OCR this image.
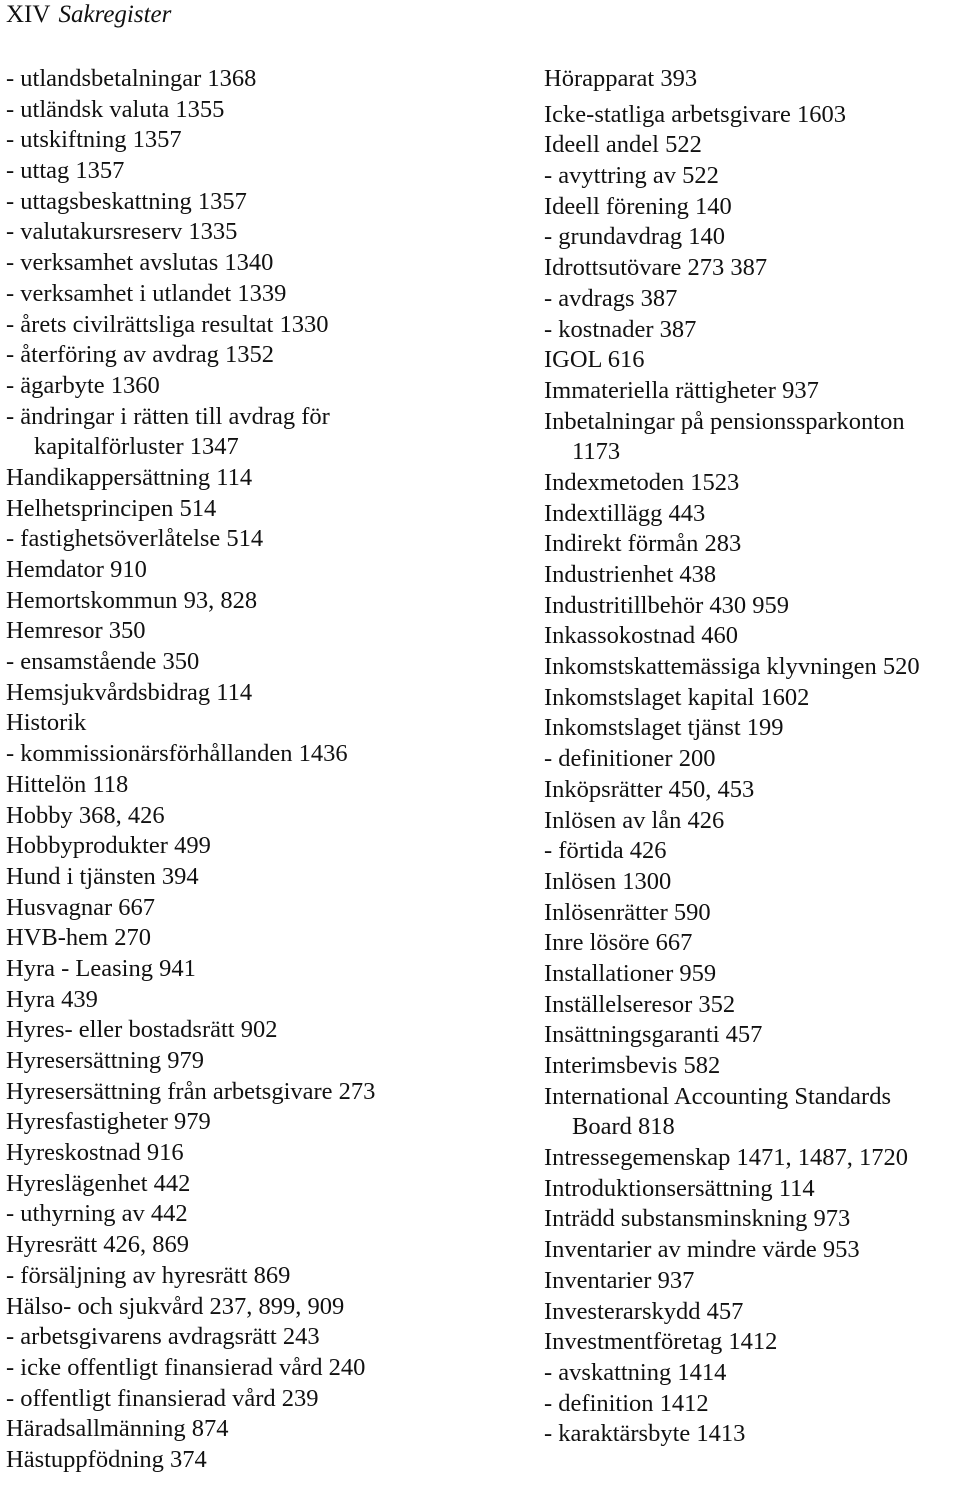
XIV Sakregister
- utlandsbetalningar 1368
- utländsk valuta 1355
- utskiftning 1357
- uttag 1357
- uttagsbeskattning 1357
- valutakursreserv 1335
- verksamhet avslutas 1340
- verksamhet i utlandet 1339
- årets civilrättsliga resultat 1330
- återföring av avdrag 1352
- ägarbyte 1360
- ändringar i rätten till avdrag för
kapitalförluster 1347
Handikappersättning 114
Helhetsprincipen 514
- fastighetsöverlåtelse 514
Hemdator 910
Hemortskommun 93, 828
Hemresor 350
- ensamstående 350
Hemsjukvårdsbidrag 114
Historik
- kommissionärsförhållanden 1436
Hittelön 118
Hobby 368, 426
Hobbyprodukter 499
Hund i tjänsten 394
Husvagnar 667
HVB-hem 270
Hyra - Leasing 941
Hyra 439
Hyres- eller bostadsrätt 902
Hyresersättning 979
Hyresersättning från arbetsgivare 273
Hyresfastigheter 979
Hyreskostnad 916
Hyreslägenhet 442
- uthyrning av 442
Hyresrätt 426, 869
- försäljning av hyresrätt 869
Hälso- och sjukvård 237, 899, 909
- arbetsgivarens avdragsrätt 243
- icke offentligt finansierad vård 240
- offentligt finansierad vård 239
Häradsallmänning 874
Hästuppfödning 374
Hörapparat 393
Icke-statliga arbetsgivare 1603
Ideell andel 522
- avyttring av 522
Ideell förening 140
- grundavdrag 140
Idrottsutövare 273 387
- avdrags 387
- kostnader 387
IGOL 616
Immateriella rättigheter 937
Inbetalningar på pensionssparkonton
1173
Indexmetoden 1523
Indextillägg 443
Indirekt förmån 283
Industrienhet 438
Industritillbehör 430 959
Inkassokostnad 460
Inkomstskattemässiga klyvningen 520
Inkomstslaget kapital 1602
Inkomstslaget tjänst 199
- definitioner 200
Inköpsrätter 450, 453
Inlösen av lån 426
- förtida 426
Inlösen 1300
Inlösenrätter 590
Inre lösöre 667
Installationer 959
Inställelseresor 352
Insättningsgaranti 457
Interimsbevis 582
International Accounting Standards
Board 818
Intressegemenskap 1471, 1487, 1720
Introduktionsersättning 114
Inträdd substansminskning 973
Inventarier av mindre värde 953
Inventarier 937
Investerarskydd 457
Investmentföretag 1412
- avskattning 1414
- definition 1412
- karaktärsbyte 1413
